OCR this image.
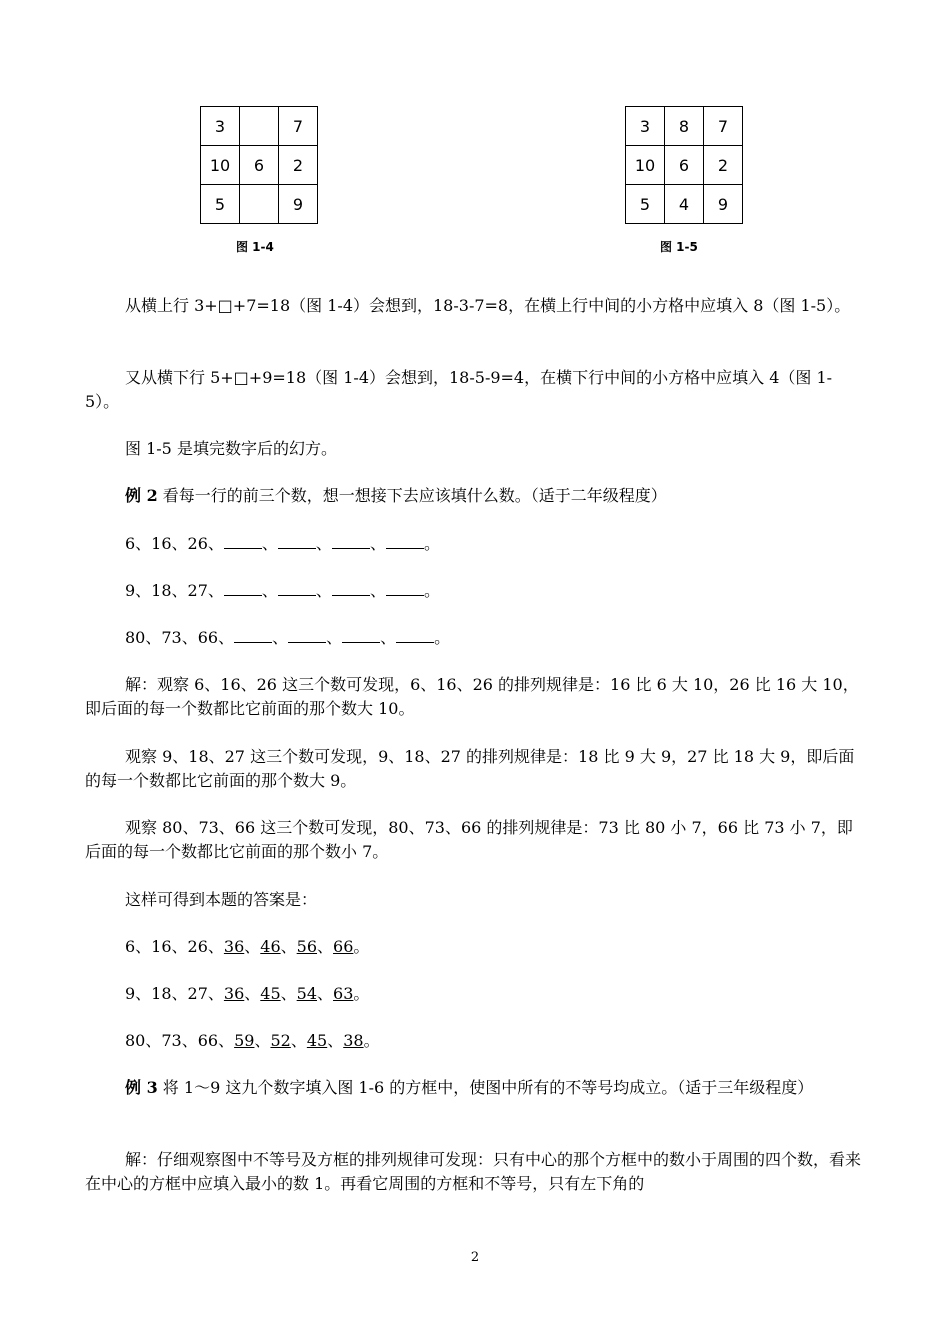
3		7
10	6	2
5		9
图 1-4
3	8	7
10	6	2
5	4	9
图 1-5

从横上行 3+□+7=18（图 1-4）会想到，18-3-7=8，在横上行中间的小方格中应填入 8（图 1-5）。

又从横下行 5+□+9=18（图 1-4）会想到，18-5-9=4，在横下行中间的小方格中应填入 4（图 1-5）。

图 1-5 是填完数字后的幻方。

例 2 看每一行的前三个数，想一想接下去应该填什么数。（适于二年级程度）

6、16、26、 、 、 、 。

9、18、27、 、 、 、 。

80、73、66、 、 、 、 。

解：观察 6、16、26 这三个数可发现，6、16、26 的排列规律是：16 比 6 大 10，26 比 16 大 10，即后面的每一个数都比它前面的那个数大 10。

观察 9、18、27 这三个数可发现，9、18、27 的排列规律是：18 比 9 大 9，27 比 18 大 9，即后面的每一个数都比它前面的那个数大 9。

观察 80、73、66 这三个数可发现，80、73、66 的排列规律是：73 比 80 小 7，66 比 73 小 7，即后面的每一个数都比它前面的那个数小 7。

这样可得到本题的答案是：

6、16、26、36、46、56、66。

9、18、27、36、45、54、63。

80、73、66、59、52、45、38。

例 3 将 1～9 这九个数字填入图 1-6 的方框中，使图中所有的不等号均成立。（适于三年级程度）

解：仔细观察图中不等号及方框的排列规律可发现：只有中心的那个方框中的数小于周围的四个数，看来在中心的方框中应填入最小的数 1。再看它周围的方框和不等号，只有左下角的

2
